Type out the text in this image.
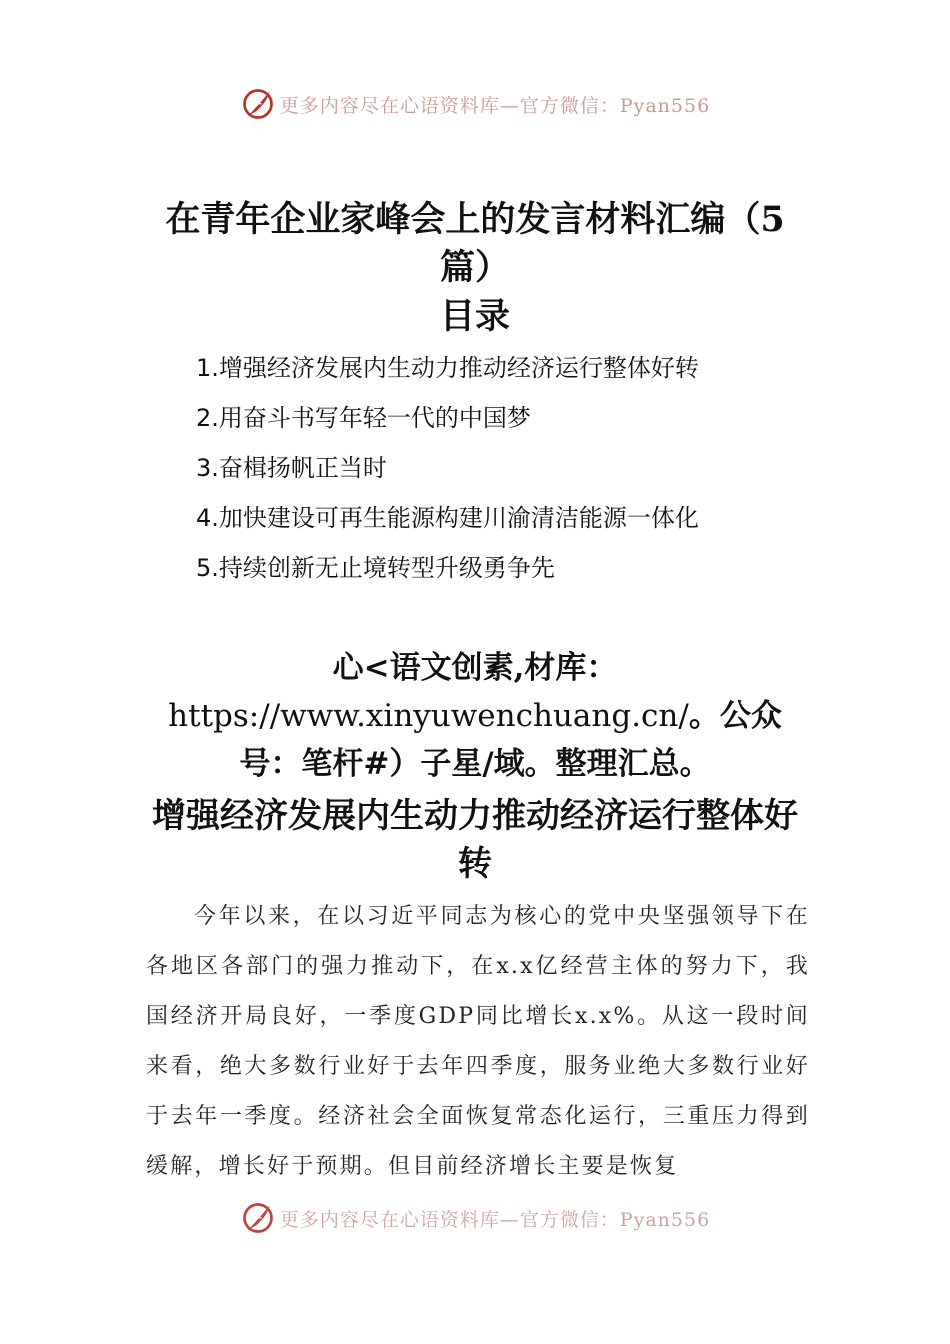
更多内容尽在心语资料库—官方微信：Pyan556
在青年企业家峰会上的发言材料汇编（5篇）
目录
1.增强经济发展内生动力推动经济运行整体好转
2.用奋斗书写年轻一代的中国梦
3.奋楫扬帆正当时
4.加快建设可再生能源构建川渝清洁能源一体化
5.持续创新无止境转型升级勇争先

心<语文创素,材库：https://www.xinyuwenchuang.cn/。公众号：笔杆#）子星/域。整理汇总。

增强经济发展内生动力推动经济运行整体好转

今年以来，在以习近平同志为核心的党中央坚强领导下在各地区各部门的强力推动下，在x.x亿经营主体的努力下，我国经济开局良好，一季度GDP同比增长x.x%。从这一段时间来看，绝大多数行业好于去年四季度，服务业绝大多数行业好于去年一季度。经济社会全面恢复常态化运行，三重压力得到缓解，增长好于预期。但目前经济增长主要是恢复

更多内容尽在心语资料库—官方微信：Pyan556
